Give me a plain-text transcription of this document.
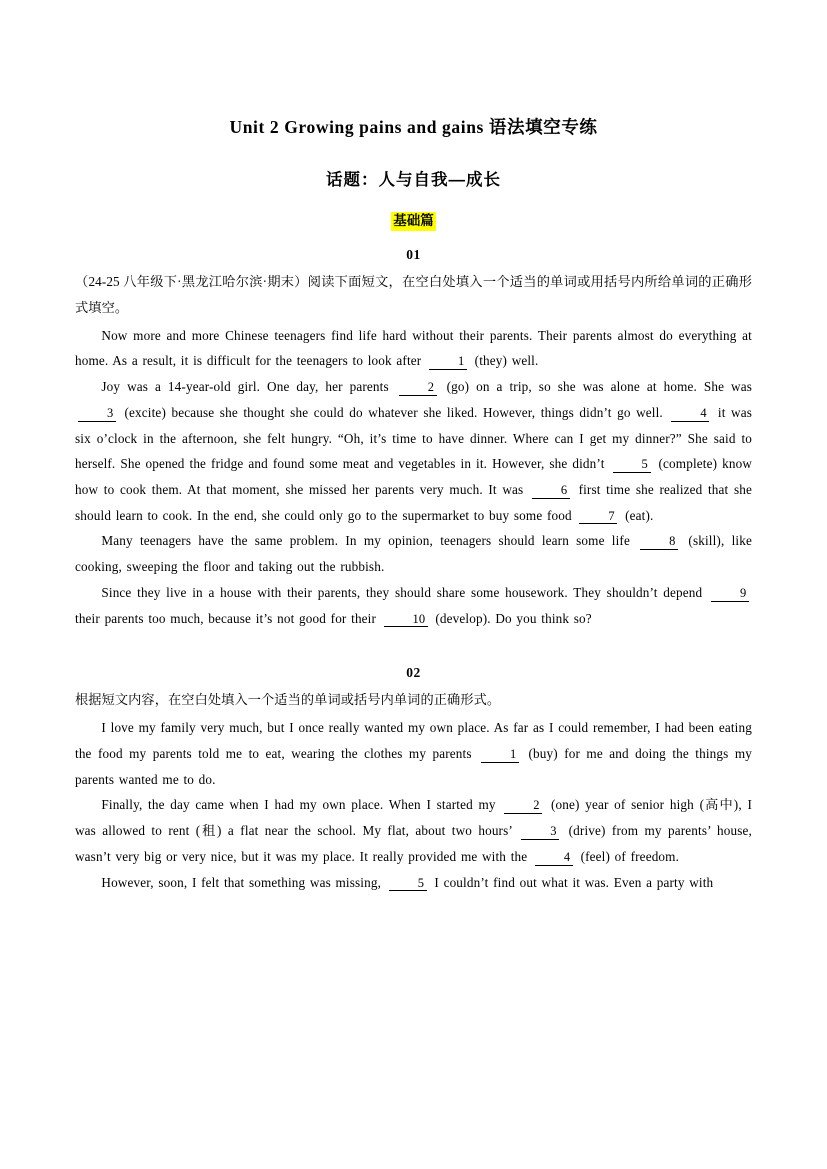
Unit 2 Growing pains and gains 语法填空专练
话题：人与自我—成长
基础篇
01
（24-25 八年级下·黑龙江哈尔滨·期末）阅读下面短文，在空白处填入一个适当的单词或用括号内所给单词的正确形式填空。

Now more and more Chinese teenagers find life hard without their parents. Their parents almost do everything at home. As a result, it is difficult for the teenagers to look after	1 (they) well.

Joy was a 14-year-old girl. One day, her parents	2 (go) on a trip, so she was alone at home. She was 3 (excite) because she thought she could do whatever she liked. However, things didn’t go well.	4 it was six o’clock in the afternoon, she felt hungry. “Oh, it’s time to have dinner. Where can I get my dinner?” She said to herself. She opened the fridge and found some meat and vegetables in it. However, she didn’t	5 (complete) know how to cook them. At that moment, she missed her parents very much. It was	6 first time she realized that she should learn to cook. In the end, she could only go to the supermarket to buy some food	7 (eat).

Many teenagers have the same problem. In my opinion, teenagers should learn some life	8 (skill), like cooking, sweeping the floor and taking out the rubbish.

Since they live in a house with their parents, they should share some housework. They shouldn’t depend	9 their parents too much, because it’s not good for their	10 (develop). Do you think so?

02
根据短文内容，在空白处填入一个适当的单词或括号内单词的正确形式。

I love my family very much, but I once really wanted my own place. As far as I could remember, I had been eating the food my parents told me to eat, wearing the clothes my parents	1 (buy) for me and doing the things my parents wanted me to do.

Finally, the day came when I had my own place. When I started my	2 (one) year of senior high (高中), I was allowed to rent (租) a flat near the school. My flat, about two hours’	3 (drive) from my parents’ house, wasn’t very big or very nice, but it was my place. It really provided me with the	4 (feel) of freedom.

However, soon, I felt that something was missing,	5 I couldn’t find out what it was. Even a party with
